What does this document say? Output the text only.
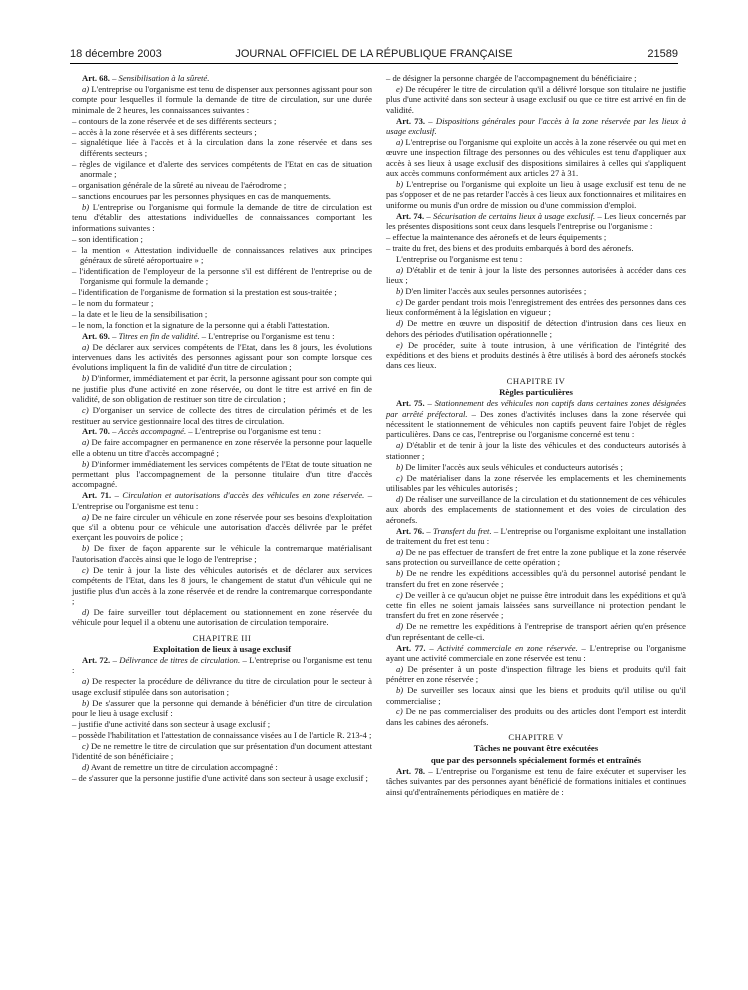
18 décembre 2003	JOURNAL OFFICIEL DE LA RÉPUBLIQUE FRANÇAISE	21589

Art. 68. – Sensibilisation à la sûreté.

a) L'entreprise ou l'organisme est tenu de dispenser aux personnes agissant pour son compte pour lesquelles il formule la demande de titre de circulation, sur une durée minimale de 2 heures, les connaissances suivantes :

– contours de la zone réservée et de ses différents secteurs ;

– accès à la zone réservée et à ses différents secteurs ;

– signalétique liée à l'accès et à la circulation dans la zone réservée et dans ses différents secteurs ;

– règles de vigilance et d'alerte des services compétents de l'Etat en cas de situation anormale ;

– organisation générale de la sûreté au niveau de l'aérodrome ;

– sanctions encourues par les personnes physiques en cas de manquements.

b) L'entreprise ou l'organisme qui formule la demande de titre de circulation est tenu d'établir des attestations individuelles de connaissances comportant les informations suivantes :

– son identification ;

– la mention « Attestation individuelle de connaissances relatives aux principes généraux de sûreté aéroportuaire » ;

– l'identification de l'employeur de la personne s'il est différent de l'entreprise ou de l'organisme qui formule la demande ;

– l'identification de l'organisme de formation si la prestation est sous-traitée ;

– le nom du formateur ;

– la date et le lieu de la sensibilisation ;

– le nom, la fonction et la signature de la personne qui a établi l'attestation.

Art. 69. – Titres en fin de validité. – L'entreprise ou l'organisme est tenu :

a) De déclarer aux services compétents de l'Etat, dans les 8 jours, les évolutions intervenues dans les activités des personnes agissant pour son compte lorsque ces évolutions impliquent la fin de validité d'un titre de circulation ;

b) D'informer, immédiatement et par écrit, la personne agissant pour son compte qui ne justifie plus d'une activité en zone réservée, ou dont le titre est arrivé en fin de validité, de son obligation de restituer son titre de circulation ;

c) D'organiser un service de collecte des titres de circulation périmés et de les restituer au service gestionnaire local des titres de circulation.

Art. 70. – Accès accompagné. – L'entreprise ou l'organisme est tenu :

a) De faire accompagner en permanence en zone réservée la personne pour laquelle elle a obtenu un titre d'accès accompagné ;

b) D'informer immédiatement les services compétents de l'Etat de toute situation ne permettant plus l'accompagnement de la personne titulaire d'un titre d'accès accompagné.

Art. 71. – Circulation et autorisations d'accès des véhicules en zone réservée. – L'entreprise ou l'organisme est tenu :

a) De ne faire circuler un véhicule en zone réservée pour ses besoins d'exploitation que s'il a obtenu pour ce véhicule une autorisation d'accès délivrée par le préfet exerçant les pouvoirs de police ;

b) De fixer de façon apparente sur le véhicule la contremarque matérialisant l'autorisation d'accès ainsi que le logo de l'entreprise ;

c) De tenir à jour la liste des véhicules autorisés et de déclarer aux services compétents de l'Etat, dans les 8 jours, le changement de statut d'un véhicule qui ne justifie plus d'un accès à la zone réservée et de rendre la contremarque correspondante ;

d) De faire surveiller tout déplacement ou stationnement en zone réservée du véhicule pour lequel il a obtenu une autorisation de circulation temporaire.

CHAPITRE III

Exploitation de lieux à usage exclusif

Art. 72. – Délivrance de titres de circulation. – L'entreprise ou l'organisme est tenu :

a) De respecter la procédure de délivrance du titre de circulation pour le secteur à usage exclusif stipulée dans son autorisation ;

b) De s'assurer que la personne qui demande à bénéficier d'un titre de circulation pour le lieu à usage exclusif :

– justifie d'une activité dans son secteur à usage exclusif ;

– possède l'habilitation et l'attestation de connaissance visées au I de l'article R. 213-4 ;

c) De ne remettre le titre de circulation que sur présentation d'un document attestant l'identité de son bénéficiaire ;

d) Avant de remettre un titre de circulation accompagné :

– de s'assurer que la personne justifie d'une activité dans son secteur à usage exclusif ;

– de désigner la personne chargée de l'accompagnement du bénéficiaire ;

e) De récupérer le titre de circulation qu'il a délivré lorsque son titulaire ne justifie plus d'une activité dans son secteur à usage exclusif ou que ce titre est arrivé en fin de validité.

Art. 73. – Dispositions générales pour l'accès à la zone réservée par les lieux à usage exclusif.

a) L'entreprise ou l'organisme qui exploite un accès à la zone réservée ou qui met en œuvre une inspection filtrage des personnes ou des véhicules est tenu d'appliquer aux accès à ses lieux à usage exclusif des dispositions similaires à celles qui s'appliquent aux accès communs conformément aux articles 27 à 31.

b) L'entreprise ou l'organisme qui exploite un lieu à usage exclusif est tenu de ne pas s'opposer et de ne pas retarder l'accès à ces lieux aux fonctionnaires et militaires en uniforme ou munis d'un ordre de mission ou d'une commission d'emploi.

Art. 74. – Sécurisation de certains lieux à usage exclusif. – Les lieux concernés par les présentes dispositions sont ceux dans lesquels l'entreprise ou l'organisme :

– effectue la maintenance des aéronefs et de leurs équipements ;

– traite du fret, des biens et des produits embarqués à bord des aéronefs.

L'entreprise ou l'organisme est tenu :

a) D'établir et de tenir à jour la liste des personnes autorisées à accéder dans ces lieux ;

b) D'en limiter l'accès aux seules personnes autorisées ;

c) De garder pendant trois mois l'enregistrement des entrées des personnes dans ces lieux conformément à la législation en vigueur ;

d) De mettre en œuvre un dispositif de détection d'intrusion dans ces lieux en dehors des périodes d'utilisation opérationnelle ;

e) De procéder, suite à toute intrusion, à une vérification de l'intégrité des expéditions et des biens et produits destinés à être utilisés à bord des aéronefs stockés dans ces lieux.

CHAPITRE IV

Règles particulières

Art. 75. – Stationnement des véhicules non captifs dans certaines zones désignées par arrêté préfectoral. – Des zones d'activités incluses dans la zone réservée qui nécessitent le stationnement de véhicules non captifs peuvent faire l'objet de règles particulières. Dans ce cas, l'entreprise ou l'organisme concerné est tenu :

a) D'établir et de tenir à jour la liste des véhicules et des conducteurs autorisés à stationner ;

b) De limiter l'accès aux seuls véhicules et conducteurs autorisés ;

c) De matérialiser dans la zone réservée les emplacements et les cheminements utilisables par les véhicules autorisés ;

d) De réaliser une surveillance de la circulation et du stationnement de ces véhicules aux abords des emplacements de stationnement et des voies de circulation des aéronefs.

Art. 76. – Transfert du fret. – L'entreprise ou l'organisme exploitant une installation de traitement du fret est tenu :

a) De ne pas effectuer de transfert de fret entre la zone publique et la zone réservée sans protection ou surveillance de cette opération ;

b) De ne rendre les expéditions accessibles qu'à du personnel autorisé pendant le transfert du fret en zone réservée ;

c) De veiller à ce qu'aucun objet ne puisse être introduit dans les expéditions et qu'à cette fin elles ne soient jamais laissées sans surveillance ni protection pendant le transfert du fret en zone réservée ;

d) De ne remettre les expéditions à l'entreprise de transport aérien qu'en présence d'un représentant de celle-ci.

Art. 77. – Activité commerciale en zone réservée. – L'entreprise ou l'organisme ayant une activité commerciale en zone réservée est tenu :

a) De présenter à un poste d'inspection filtrage les biens et produits qu'il fait pénétrer en zone réservée ;

b) De surveiller ses locaux ainsi que les biens et produits qu'il utilise ou qu'il commercialise ;

c) De ne pas commercialiser des produits ou des articles dont l'emport est interdit dans les cabines des aéronefs.

CHAPITRE V

Tâches ne pouvant être exécutées

que par des personnels spécialement formés et entraînés

Art. 78. – L'entreprise ou l'organisme est tenu de faire exécuter et superviser les tâches suivantes par des personnes ayant bénéficié de formations initiales et continues ainsi qu'd'entraînements périodiques en matière de :
